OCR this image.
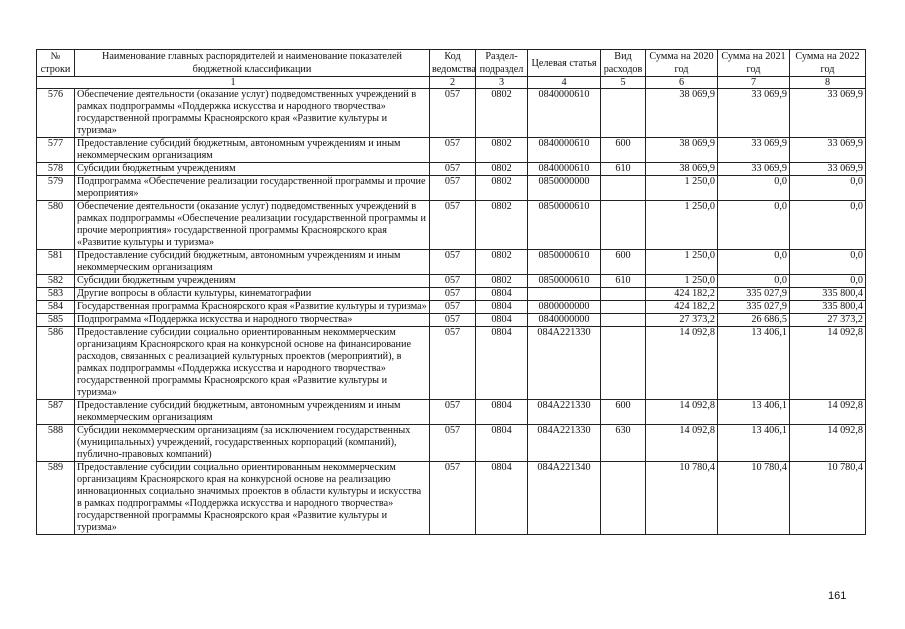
№ строки	Наименование главных распорядителей и наименование показателей бюджетной классификации	Код ведомства	Раздел-подраздел	Целевая статья	Вид расходов	Сумма на 2020 год	Сумма на 2021 год	Сумма на 2022 год
1		2	3	4	5	6	7	8
576	Обеспечение деятельности (оказание услуг) подведомственных учреждений в рамках подпрограммы «Поддержка искусства и народного творчества» государственной программы Красноярского края «Развитие культуры и туризма»	057	0802	0840000610		38 069,9	33 069,9	33 069,9
577	Предоставление субсидий бюджетным, автономным учреждениям и иным некоммерческим организациям	057	0802	0840000610	600	38 069,9	33 069,9	33 069,9
578	Субсидии бюджетным учреждениям	057	0802	0840000610	610	38 069,9	33 069,9	33 069,9
579	Подпрограмма «Обеспечение реализации государственной программы и прочие мероприятия»	057	0802	0850000000		1 250,0	0,0	0,0
580	Обеспечение деятельности (оказание услуг) подведомственных учреждений в рамках подпрограммы «Обеспечение реализации государственной программы и прочие мероприятия» государственной программы Красноярского края «Развитие культуры и туризма»	057	0802	0850000610		1 250,0	0,0	0,0
581	Предоставление субсидий бюджетным, автономным учреждениям и иным некоммерческим организациям	057	0802	0850000610	600	1 250,0	0,0	0,0
582	Субсидии бюджетным учреждениям	057	0802	0850000610	610	1 250,0	0,0	0,0
583	Другие вопросы в области культуры, кинематографии	057	0804			424 182,2	335 027,9	335 800,4
584	Государственная программа Красноярского края «Развитие культуры и туризма»	057	0804	0800000000		424 182,2	335 027,9	335 800,4
585	Подпрограмма «Поддержка искусства и народного творчества»	057	0804	0840000000		27 373,2	26 686,5	27 373,2
586	Предоставление субсидии социально ориентированным некоммерческим организациям Красноярского края на конкурсной основе на финансирование расходов, связанных с реализацией культурных проектов (мероприятий), в рамках подпрограммы «Поддержка искусства и народного творчества» государственной программы Красноярского края «Развитие культуры и туризма»	057	0804	084A221330		14 092,8	13 406,1	14 092,8
587	Предоставление субсидий бюджетным, автономным учреждениям и иным некоммерческим организациям	057	0804	084A221330	600	14 092,8	13 406,1	14 092,8
588	Субсидии некоммерческим организациям (за исключением государственных (муниципальных) учреждений, государственных корпораций (компаний), публично-правовых компаний)	057	0804	084A221330	630	14 092,8	13 406,1	14 092,8
589	Предоставление субсидии социально ориентированным некоммерческим организациям Красноярского края на конкурсной основе на реализацию инновационных социально значимых проектов в области культуры и искусства в рамках подпрограммы «Поддержка искусства и народного творчества» государственной программы Красноярского края «Развитие культуры и туризма»	057	0804	084A221340		10 780,4	10 780,4	10 780,4
161
